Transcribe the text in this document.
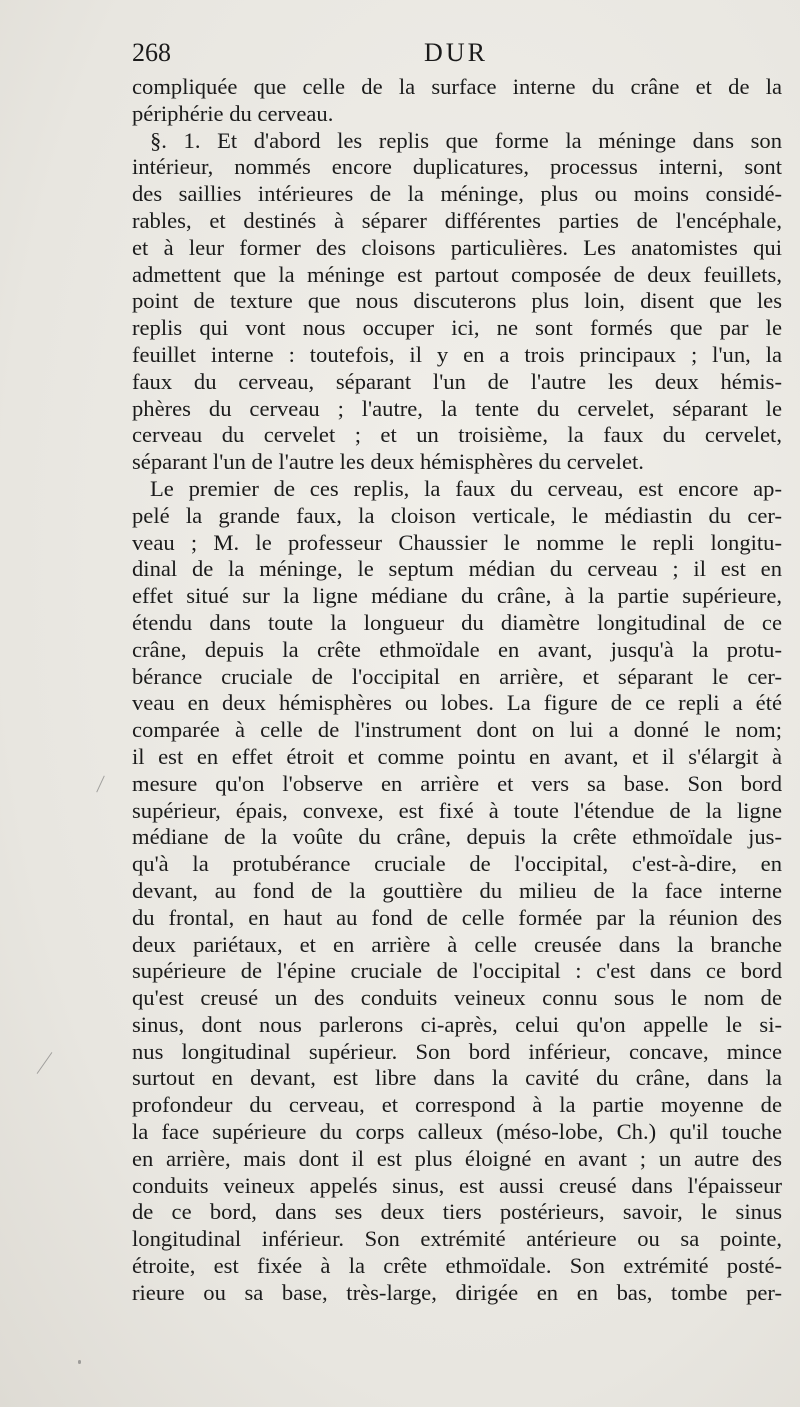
268	DUR
compliquée que celle de la surface interne du crâne et de la
périphérie du cerveau.
§. 1. Et d'abord les replis que forme la méninge dans son
intérieur, nommés encore duplicatures, processus interni, sont
des saillies intérieures de la méninge, plus ou moins considé-
rables, et destinés à séparer différentes parties de l'encéphale,
et à leur former des cloisons particulières. Les anatomistes qui
admettent que la méninge est partout composée de deux feuillets,
point de texture que nous discuterons plus loin, disent que les
replis qui vont nous occuper ici, ne sont formés que par le
feuillet interne : toutefois, il y en a trois principaux ; l'un, la
faux du cerveau, séparant l'un de l'autre les deux hémis-
phères du cerveau ; l'autre, la tente du cervelet, séparant le
cerveau du cervelet ; et un troisième, la faux du cervelet,
séparant l'un de l'autre les deux hémisphères du cervelet.
Le premier de ces replis, la faux du cerveau, est encore ap-
pelé la grande faux, la cloison verticale, le médiastin du cer-
veau ; M. le professeur Chaussier le nomme le repli longitu-
dinal de la méninge, le septum médian du cerveau ; il est en
effet situé sur la ligne médiane du crâne, à la partie supérieure,
étendu dans toute la longueur du diamètre longitudinal de ce
crâne, depuis la crête ethmoïdale en avant, jusqu'à la protu-
bérance cruciale de l'occipital en arrière, et séparant le cer-
veau en deux hémisphères ou lobes. La figure de ce repli a été
comparée à celle de l'instrument dont on lui a donné le nom;
il est en effet étroit et comme pointu en avant, et il s'élargit à
mesure qu'on l'observe en arrière et vers sa base. Son bord
supérieur, épais, convexe, est fixé à toute l'étendue de la ligne
médiane de la voûte du crâne, depuis la crête ethmoïdale jus-
qu'à la protubérance cruciale de l'occipital, c'est-à-dire, en
devant, au fond de la gouttière du milieu de la face interne
du frontal, en haut au fond de celle formée par la réunion des
deux pariétaux, et en arrière à celle creusée dans la branche
supérieure de l'épine cruciale de l'occipital : c'est dans ce bord
qu'est creusé un des conduits veineux connu sous le nom de
sinus, dont nous parlerons ci-après, celui qu'on appelle le si-
nus longitudinal supérieur. Son bord inférieur, concave, mince
surtout en devant, est libre dans la cavité du crâne, dans la
profondeur du cerveau, et correspond à la partie moyenne de
la face supérieure du corps calleux (méso-lobe, Ch.) qu'il touche
en arrière, mais dont il est plus éloigné en avant ; un autre des
conduits veineux appelés sinus, est aussi creusé dans l'épaisseur
de ce bord, dans ses deux tiers postérieurs, savoir, le sinus
longitudinal inférieur. Son extrémité antérieure ou sa pointe,
étroite, est fixée à la crête ethmoïdale. Son extrémité posté-
rieure ou sa base, très-large, dirigée en en bas, tombe per-
